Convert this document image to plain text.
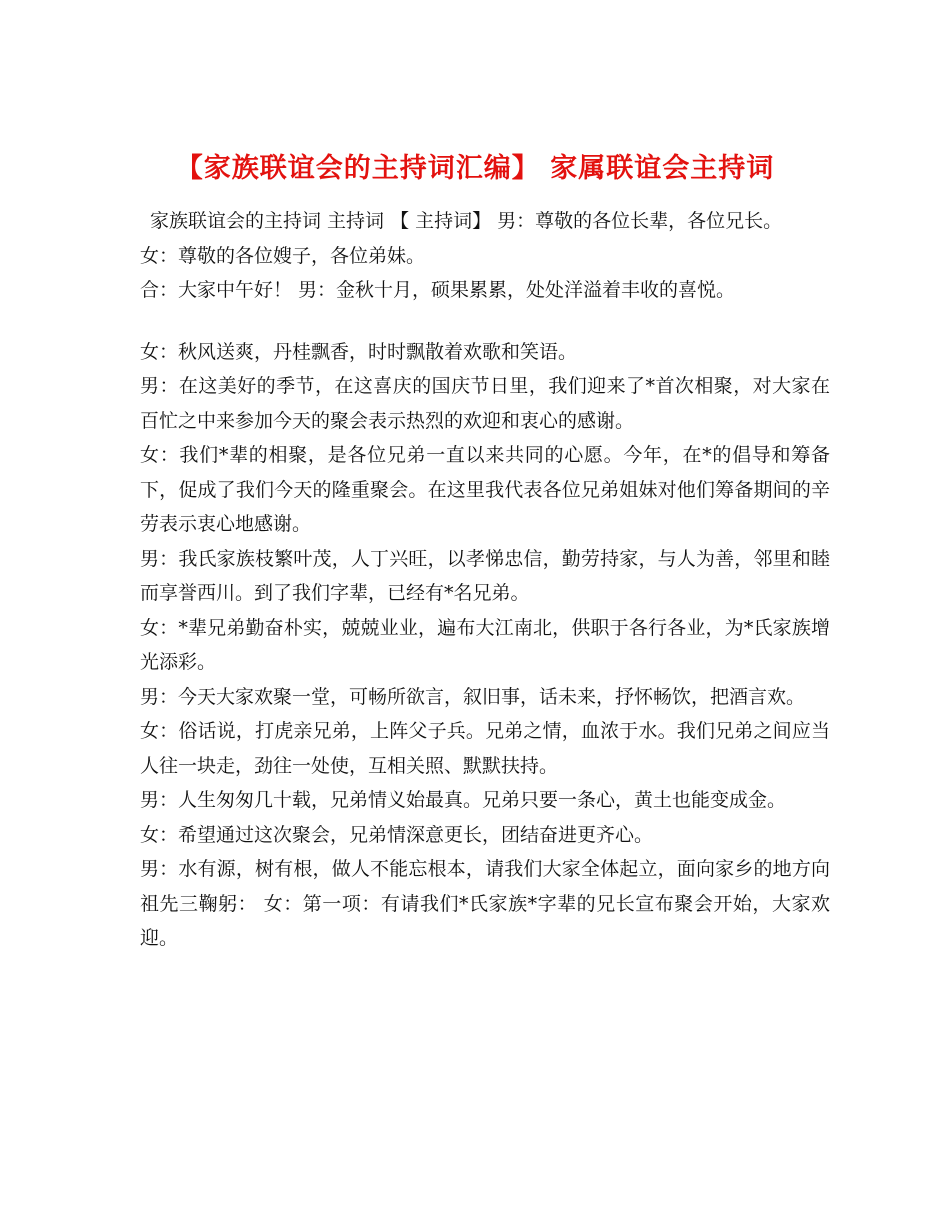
【家族联谊会的主持词汇编】 家属联谊会主持词

家族联谊会的主持词 主持词 【 主持词】 男：尊敬的各位长辈，各位兄长。

女：尊敬的各位嫂子，各位弟妹。

合：大家中午好！ 男：金秋十月，硕果累累，处处洋溢着丰收的喜悦。

女：秋风送爽，丹桂飘香，时时飘散着欢歌和笑语。

男：在这美好的季节，在这喜庆的国庆节日里，我们迎来了*首次相聚，对大家在百忙之中来参加今天的聚会表示热烈的欢迎和衷心的感谢。

女：我们*辈的相聚，是各位兄弟一直以来共同的心愿。今年，在*的倡导和筹备下，促成了我们今天的隆重聚会。在这里我代表各位兄弟姐妹对他们筹备期间的辛劳表示衷心地感谢。

男：我氏家族枝繁叶茂，人丁兴旺，以孝悌忠信，勤劳持家，与人为善，邻里和睦而享誉西川。到了我们字辈，已经有*名兄弟。

女：*辈兄弟勤奋朴实，兢兢业业，遍布大江南北，供职于各行各业，为*氏家族增光添彩。

男：今天大家欢聚一堂，可畅所欲言，叙旧事，话未来，抒怀畅饮，把酒言欢。

女：俗话说，打虎亲兄弟，上阵父子兵。兄弟之情，血浓于水。我们兄弟之间应当人往一块走，劲往一处使，互相关照、默默扶持。

男：人生匆匆几十载，兄弟情义始最真。兄弟只要一条心，黄土也能变成金。

女：希望通过这次聚会，兄弟情深意更长，团结奋进更齐心。

男：水有源，树有根，做人不能忘根本，请我们大家全体起立，面向家乡的地方向祖先三鞠躬： 女：第一项：有请我们*氏家族*字辈的兄长宣布聚会开始，大家欢迎。
